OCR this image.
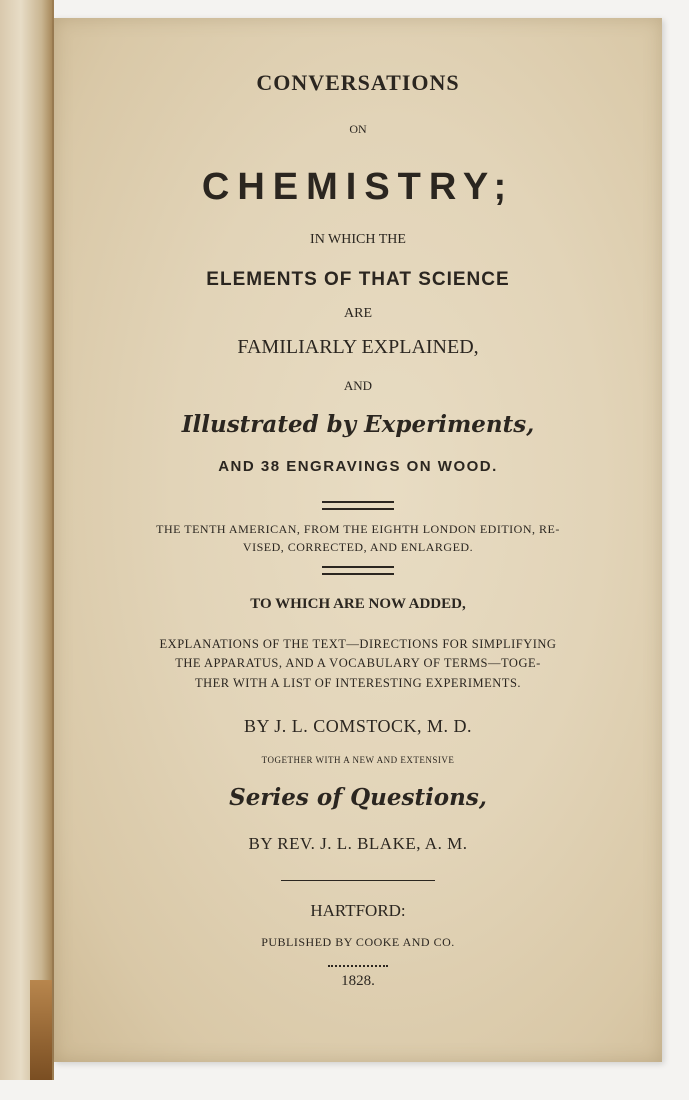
CONVERSATIONS
ON
CHEMISTRY;
IN WHICH THE
ELEMENTS OF THAT SCIENCE
ARE
FAMILIARLY EXPLAINED,
AND
Illustrated by Experiments,
AND 38 ENGRAVINGS ON WOOD.
THE TENTH AMERICAN, FROM THE EIGHTH LONDON EDITION, RE-
VISED, CORRECTED, AND ENLARGED.
TO WHICH ARE NOW ADDED,
EXPLANATIONS OF THE TEXT—DIRECTIONS FOR SIMPLIFYING
THE APPARATUS, AND A VOCABULARY OF TERMS—TOGE-
THER WITH A LIST OF INTERESTING EXPERIMENTS.
BY J. L. COMSTOCK, M. D.
TOGETHER WITH A NEW AND EXTENSIVE
Series of Questions,
BY REV. J. L. BLAKE, A. M.
HARTFORD:
PUBLISHED BY COOKE AND CO.
1828.
